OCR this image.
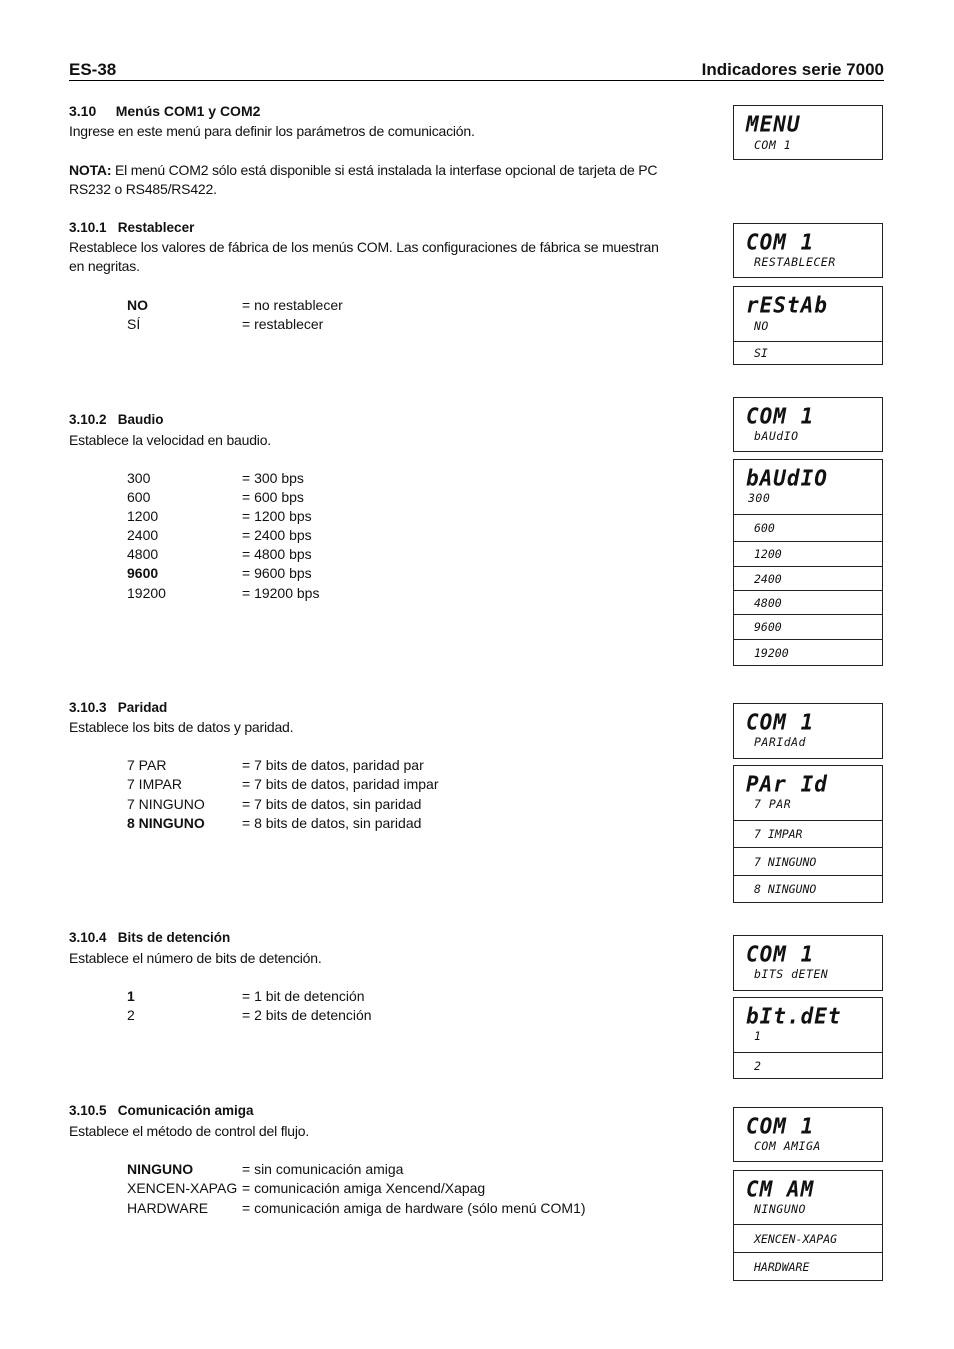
ES-38	Indicadores serie 7000
3.10     Menús COM1 y COM2
Ingrese en este menú para definir los parámetros de comunicación.
NOTA: El menú COM2 sólo está disponible si está instalada la interfase opcional de tarjeta de PC
RS232 o RS485/RS422.
3.10.1   Restablecer
Restablece los valores de fábrica de los menús COM. Las configuraciones de fábrica se muestran
en negritas.
NO	= no restablecer
SÍ	= restablecer
3.10.2   Baudio
Establece la velocidad en baudio.
300	= 300 bps
600	= 600 bps
1200	= 1200 bps
2400	= 2400 bps
4800	= 4800 bps
9600	= 9600 bps
19200	= 19200 bps
3.10.3   Paridad
Establece los bits de datos y paridad.
7 PAR	= 7 bits de datos, paridad par
7 IMPAR	= 7 bits de datos, paridad impar
7 NINGUNO	= 7 bits de datos, sin paridad
8 NINGUNO	= 8 bits de datos, sin paridad
3.10.4   Bits de detención
Establece el número de bits de detención.
1	= 1 bit de detención
2	= 2 bits de detención
3.10.5   Comunicación amiga
Establece el método de control del flujo.
NINGUNO	= sin comunicación amiga
XENCEN-XAPAG = comunicación amiga Xencend/Xapag
HARDWARE = comunicación amiga de hardware (sólo menú COM1)
MENU
COM 1
COM 1
RESTABLECER
rEStAb
NO
SI
COM 1
bAUdIO
bAUdIO
300
600
1200
2400
4800
9600
19200
COM 1
PARIdAd
PAr Id
7 PAR
7 IMPAR
7 NINGUNO
8 NINGUNO
COM 1
bITS dETEN
bIt.dEt
1
2
COM 1
COM AMIGA
CM AM
NINGUNO
XENCEN-XAPAG
HARDWARE
